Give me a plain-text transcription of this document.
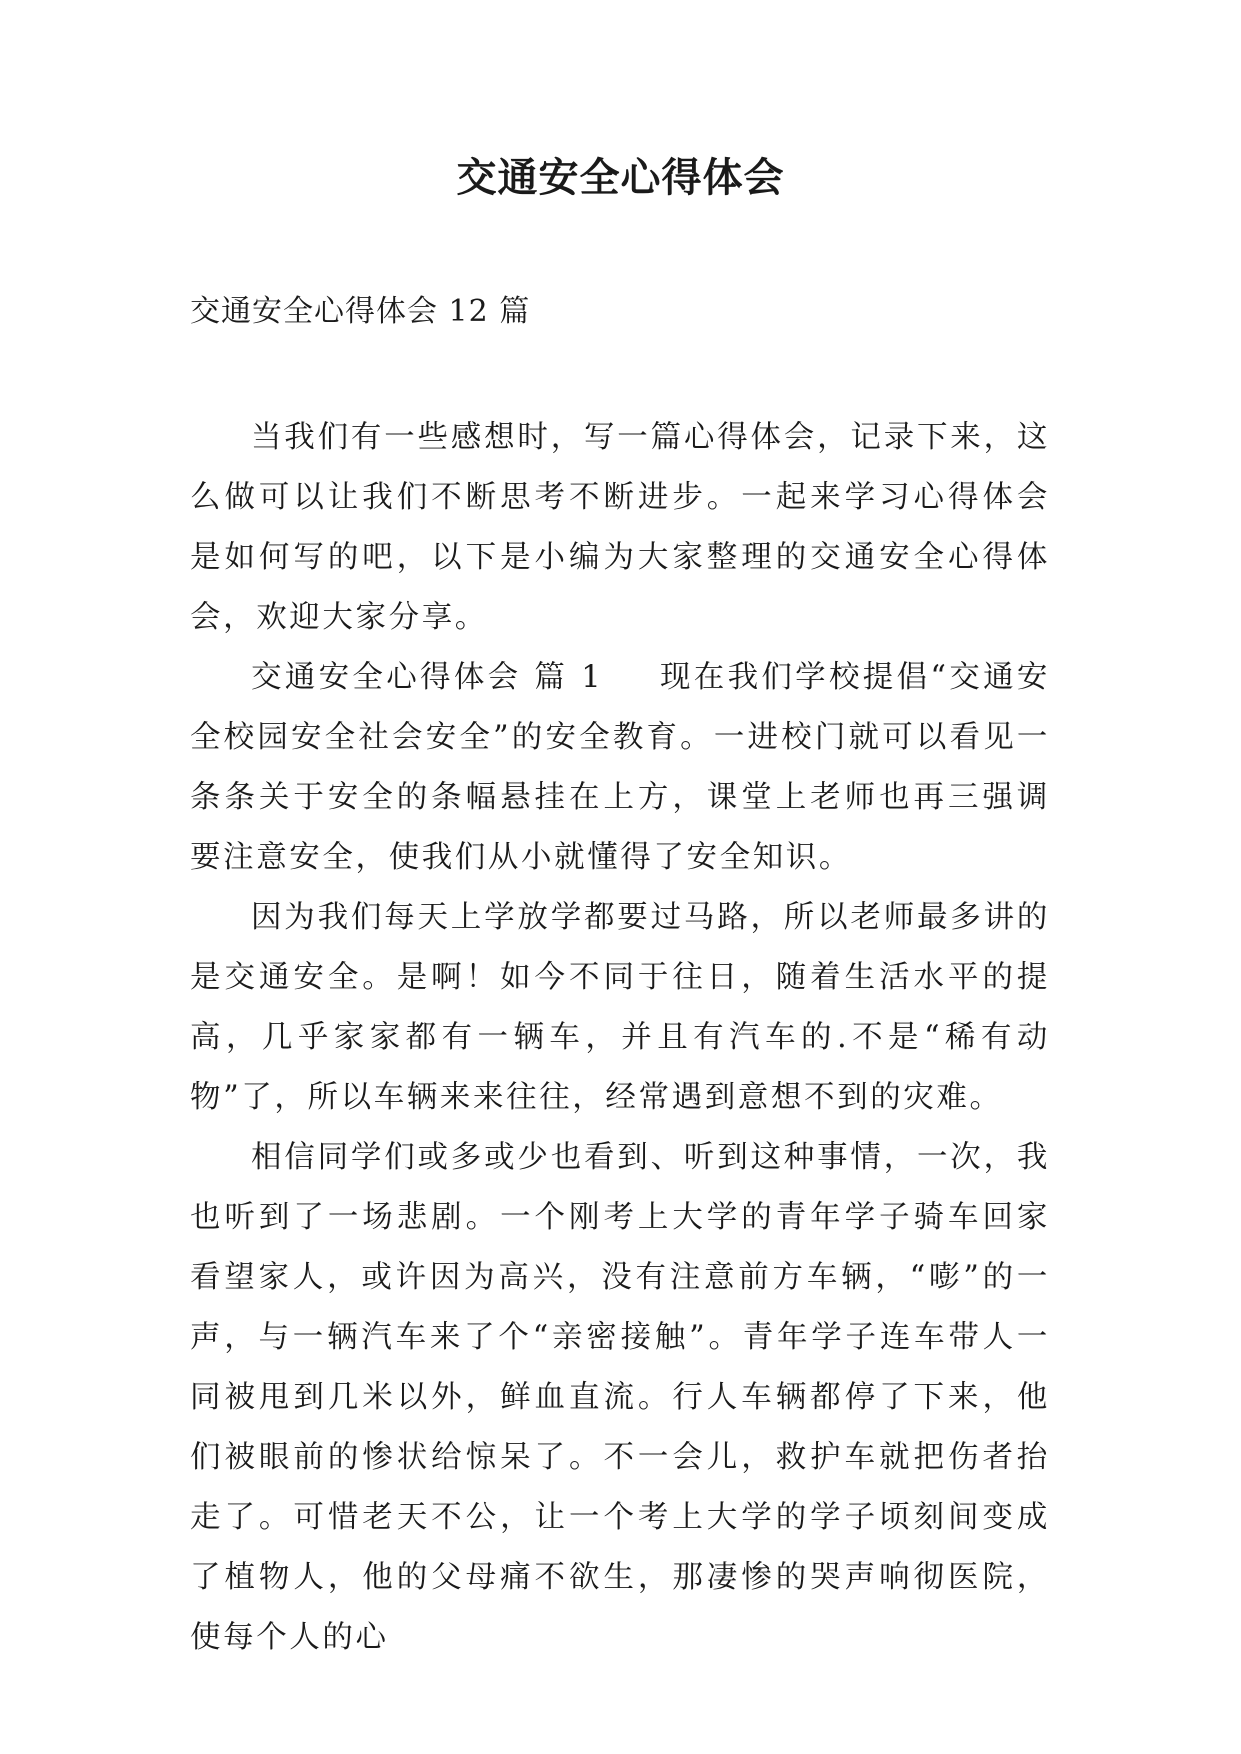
交通安全心得体会

交通安全心得体会 12 篇

当我们有一些感想时，写一篇心得体会，记录下来，这么做可以让我们不断思考不断进步。一起来学习心得体会是如何写的吧，以下是小编为大家整理的交通安全心得体会，欢迎大家分享。

交通安全心得体会 篇 1 现在我们学校提倡“交通安全校园安全社会安全”的安全教育。一进校门就可以看见一条条关于安全的条幅悬挂在上方，课堂上老师也再三强调要注意安全，使我们从小就懂得了安全知识。

因为我们每天上学放学都要过马路，所以老师最多讲的是交通安全。是啊！如今不同于往日，随着生活水平的提高，几乎家家都有一辆车，并且有汽车的.不是“稀有动物”了，所以车辆来来往往，经常遇到意想不到的灾难。

相信同学们或多或少也看到、听到这种事情，一次，我也听到了一场悲剧。一个刚考上大学的青年学子骑车回家看望家人，或许因为高兴，没有注意前方车辆，“嘭”的一声，与一辆汽车来了个“亲密接触”。青年学子连车带人一同被甩到几米以外，鲜血直流。行人车辆都停了下来，他们被眼前的惨状给惊呆了。不一会儿，救护车就把伤者抬走了。可惜老天不公，让一个考上大学的学子顷刻间变成了植物人，他的父母痛不欲生，那凄惨的哭声响彻医院，使每个人的心
